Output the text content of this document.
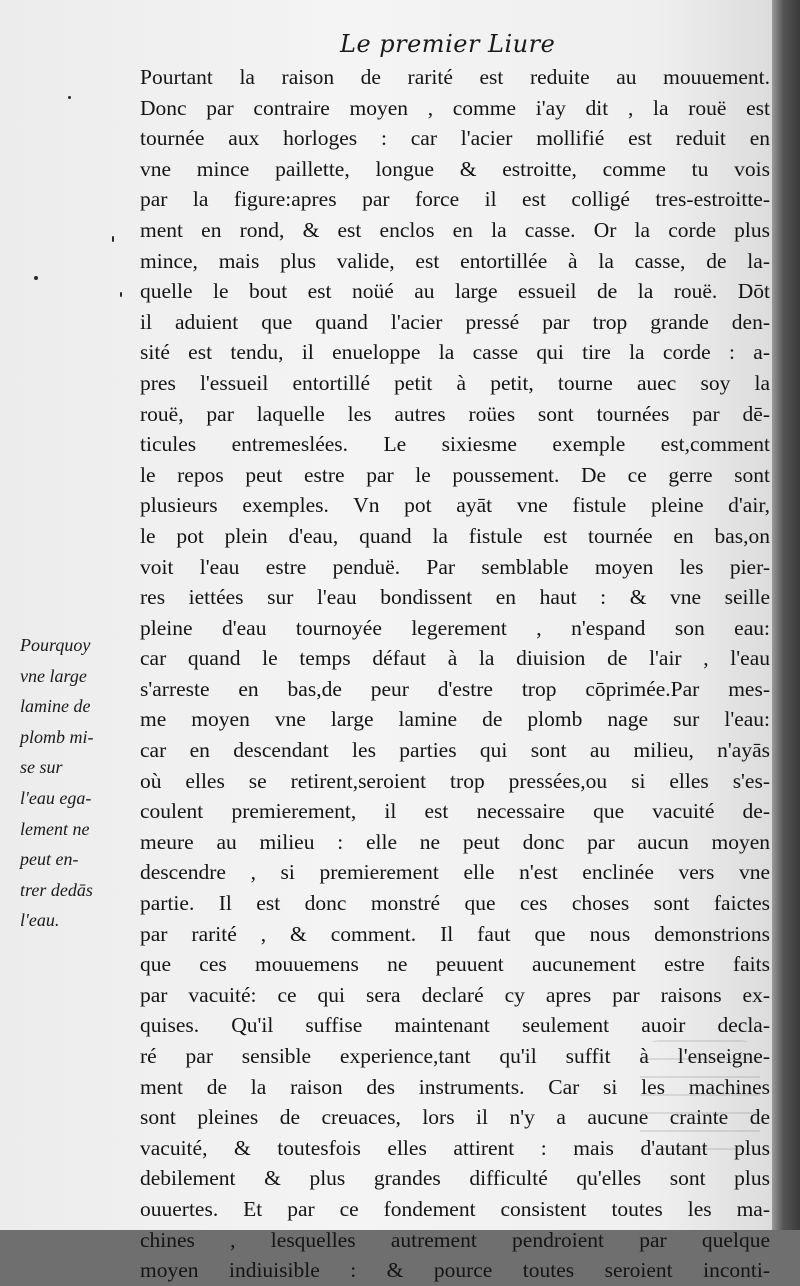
Le premier Liure
Pourtant la raison de rarité est reduite au mouuement.
Donc par contraire moyen , comme i'ay dit , la rouë est
tournée aux horloges : car l'acier mollifié est reduit en
vne mince paillette, longue & estroitte, comme tu vois
par la figure:apres par force il est colligé tres-estroitte-
ment en rond, & est enclos en la casse. Or la corde plus
mince, mais plus valide, est entortillée à la casse, de la-
quelle le bout est noüé au large essueil de la rouë. Dōt
il aduient que quand l'acier pressé par trop grande den-
sité est tendu, il enueloppe la casse qui tire la corde : a-
pres l'essueil entortillé petit à petit, tourne auec soy la
rouë, par laquelle les autres roües sont tournées par dē-
ticules entremeslées. Le sixiesme exemple est,comment
le repos peut estre par le poussement. De ce gerre sont
plusieurs exemples. Vn pot ayāt vne fistule pleine d'air,
le pot plein d'eau, quand la fistule est tournée en bas,on
voit l'eau estre penduë. Par semblable moyen les pier-
res iettées sur l'eau bondissent en haut : & vne seille
pleine d'eau tournoyée legerement , n'espand son eau:
car quand le temps défaut à la diuision de l'air , l'eau
s'arreste en bas,de peur d'estre trop cōprimée.Par mes-
me moyen vne large lamine de plomb nage sur l'eau:
car en descendant les parties qui sont au milieu, n'ayās
où elles se retirent,seroient trop pressées,ou si elles s'es-
coulent premierement, il est necessaire que vacuité de-
meure au milieu : elle ne peut donc par aucun moyen
descendre , si premierement elle n'est enclinée vers vne
partie. Il est donc monstré que ces choses sont faictes
par rarité , & comment. Il faut que nous demonstrions
que ces mouuemens ne peuuent aucunement estre faits
par vacuité: ce qui sera declaré cy apres par raisons ex-
quises. Qu'il suffise maintenant seulement auoir decla-
ré par sensible experience,tant qu'il suffit à l'enseigne-
ment de la raison des instruments. Car si les machines
sont pleines de creuaces, lors il n'y a aucune crainte de
vacuité, & toutesfois elles attirent : mais d'autant plus
debilement & plus grandes difficulté qu'elles sont plus
ouuertes. Et par ce fondement consistent toutes les ma-
chines , lesquelles autrement pendroient par quelque
moyen indiuisible : & pource toutes seroient inconti-
Pourquoy
vne large
lamine de
plomb mi-
se sur
l'eau ega-
lement ne
peut en-
trer dedās
l'eau.
